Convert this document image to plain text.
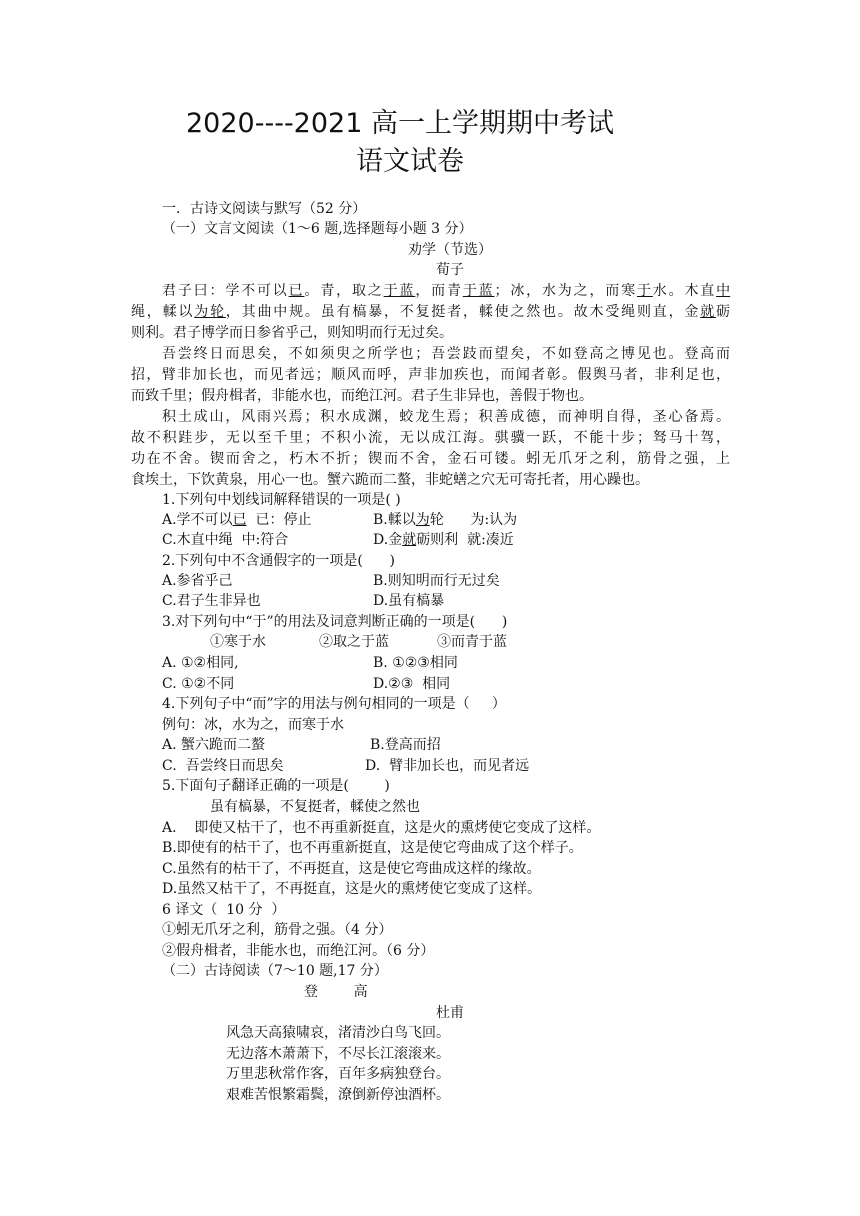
2020----2021 高一上学期期中考试
语文试卷
一．古诗文阅读与默写（52 分）
（一）文言文阅读（1～6 题,选择题每小题 3 分）
劝学（节选）
荀子
君子曰：学不可以已。青，取之于蓝，而青于蓝；冰，水为之，而寒于水。木直中
绳，輮以为轮，其曲中规。虽有槁暴，不复挺者，輮使之然也。故木受绳则直，金就砺
则利。君子博学而日参省乎己，则知明而行无过矣。
吾尝终日而思矣，不如须臾之所学也；吾尝跂而望矣，不如登高之博见也。登高而
招，臂非加长也，而见者远；顺风而呼，声非加疾也，而闻者彰。假舆马者，非利足也，
而致千里；假舟楫者，非能水也，而绝江河。君子生非异也，善假于物也。
积土成山，风雨兴焉；积水成渊，蛟龙生焉；积善成德，而神明自得，圣心备焉。
故不积跬步，无以至千里；不积小流，无以成江海。骐骥一跃，不能十步；驽马十驾，
功在不舍。锲而舍之，朽木不折；锲而不舍，金石可镂。蚓无爪牙之利，筋骨之强，上
食埃土，下饮黄泉，用心一也。蟹六跪而二螯，非蛇蟮之穴无可寄托者，用心躁也。
1.下列句中划线词解释错误的一项是( )
A.学不可以已  已：停止	B.輮以为轮      为:认为
C.木直中绳  中:符合	D.金就砺则利  就:凑近
2.下列句中不含通假字的一项是(      )
A.参省乎己	B.则知明而行无过矣
C.君子生非异也	D.虽有槁暴
3.对下列句中“于”的用法及词意判断正确的一项是(      )
①寒于水	②取之于蓝	③而青于蓝
A. ①②相同,	B. ①②③相同
C. ①②不同	D.②③  相同
4.下列句子中“而”字的用法与例句相同的一项是（     ）
例句：冰，水为之，而寒于水
A. 蟹六跪而二螯	B.登高而招
C.  吾尝终日而思矣	D.  臂非加长也，而见者远
5.下面句子翻译正确的一项是(        )
虽有槁暴，不复挺者，輮使之然也
A.    即使又枯干了，也不再重新挺直，这是火的熏烤使它变成了这样。
B.即使有的枯干了，也不再重新挺直，这是使它弯曲成了这个样子。
C.虽然有的枯干了，不再挺直，这是使它弯曲成这样的缘故。
D.虽然又枯干了，不再挺直，这是火的熏烤使它变成了这样。
6 译文（  10 分  ）
①蚓无爪牙之利，筋骨之强。（4 分）
②假舟楫者，非能水也，而绝江河。（6 分）
（二）古诗阅读（7～10 题,17 分）
登        高
杜甫
风急天高猿啸哀，渚清沙白鸟飞回。
无边落木萧萧下，不尽长江滚滚来。
万里悲秋常作客，百年多病独登台。
艰难苦恨繁霜鬓，潦倒新停浊酒杯。
